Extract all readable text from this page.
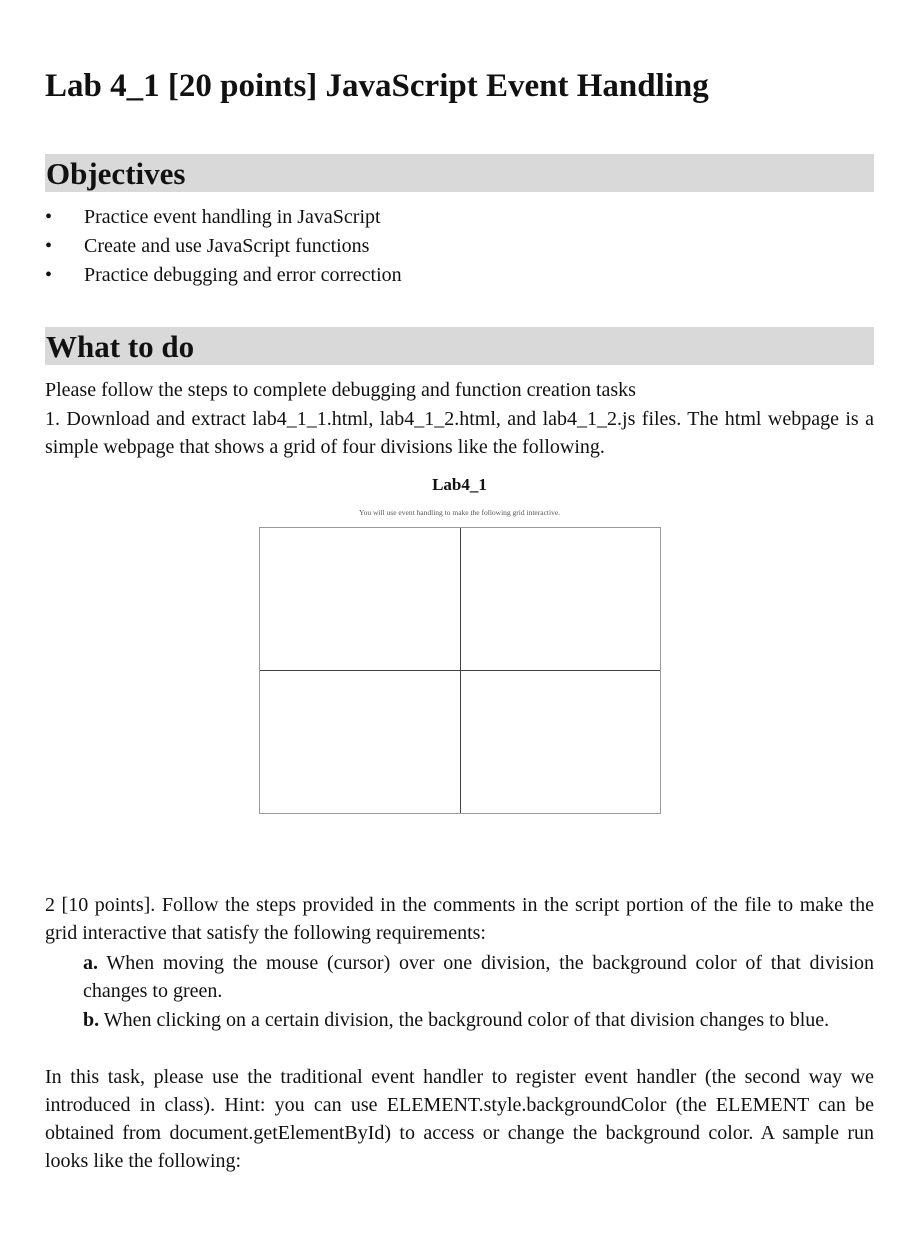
Lab 4_1 [20 points] JavaScript Event Handling
Objectives
• Practice event handling in JavaScript
• Create and use JavaScript functions
• Practice debugging and error correction
What to do

Please follow the steps to complete debugging and function creation tasks

1. Download and extract lab4_1_1.html, lab4_1_2.html, and lab4_1_2.js files. The html webpage is a simple webpage that shows a grid of four divisions like the following.

Lab4_1
You will use event handling to make the following grid interactive.

2 [10 points]. Follow the steps provided in the comments in the script portion of the file to make the grid interactive that satisfy the following requirements:

a. When moving the mouse (cursor) over one division, the background color of that division changes to green.

b. When clicking on a certain division, the background color of that division changes to blue.

In this task, please use the traditional event handler to register event handler (the second way we introduced in class). Hint: you can use ELEMENT.style.backgroundColor (the ELEMENT can be obtained from document.getElementById) to access or change the background color. A sample run looks like the following:
